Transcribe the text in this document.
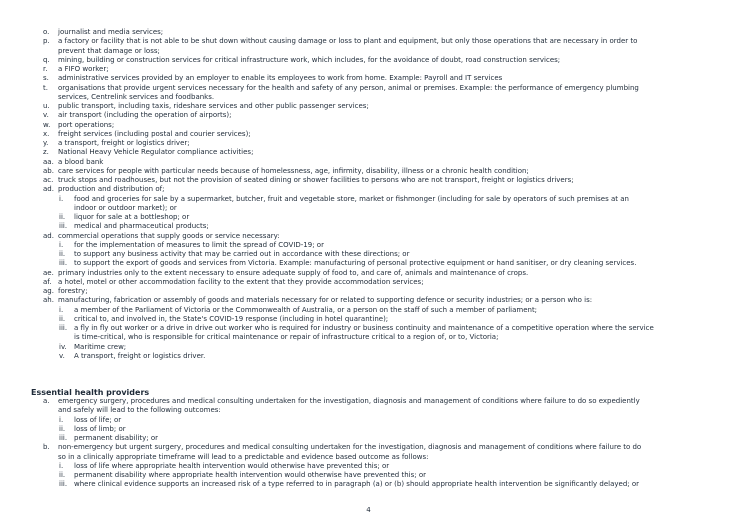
o. journalist and media services;
p. a factory or facility that is not able to be shut down without causing damage or loss to plant and equipment, but only those operations that are necessary in order to
prevent that damage or loss;
q. mining, building or construction services for critical infrastructure work, which includes, for the avoidance of doubt, road construction services;
r. a FIFO worker;
s. administrative services provided by an employer to enable its employees to work from home. Example: Payroll and IT services
t. organisations that provide urgent services necessary for the health and safety of any person, animal or premises. Example: the performance of emergency plumbing
services, Centrelink services and foodbanks.
u. public transport, including taxis, rideshare services and other public passenger services;
v. air transport (including the operation of airports);
w. port operations;
x. freight services (including postal and courier services);
y. a transport, freight or logistics driver;
z. National Heavy Vehicle Regulator compliance activities;
aa. a blood bank
ab. care services for people with particular needs because of homelessness, age, infirmity, disability, illness or a chronic health condition;
ac. truck stops and roadhouses, but not the provision of seated dining or shower facilities to persons who are not transport, freight or logistics drivers;
ad. production and distribution of;
i. food and groceries for sale by a supermarket, butcher, fruit and vegetable store, market or fishmonger (including for sale by operators of such premises at an
indoor or outdoor market); or
ii. liquor for sale at a bottleshop; or
iii. medical and pharmaceutical products;
ad. commercial operations that supply goods or service necessary:
i. for the implementation of measures to limit the spread of COVID-19; or
ii. to support any business activity that may be carried out in accordance with these directions; or
iii. to support the export of goods and services from Victoria. Example: manufacturing of personal protective equipment or hand sanitiser, or dry cleaning services.
ae. primary industries only to the extent necessary to ensure adequate supply of food to, and care of, animals and maintenance of crops.
af. a hotel, motel or other accommodation facility to the extent that they provide accommodation services;
ag. forestry;
ah. manufacturing, fabrication or assembly of goods and materials necessary for or related to supporting defence or security industries; or a person who is:
i. a member of the Parliament of Victoria or the Commonwealth of Australia, or a person on the staff of such a member of parliament;
ii. critical to, and involved in, the State's COVID-19 response (including in hotel quarantine);
iii. a fly in fly out worker or a drive in drive out worker who is required for industry or business continuity and maintenance of a competitive operation where the service
is time-critical, who is responsible for critical maintenance or repair of infrastructure critical to a region of, or to, Victoria;
iv. Maritime crew;
v. A transport, freight or logistics driver.
Essential health providers
a. emergency surgery, procedures and medical consulting undertaken for the investigation, diagnosis and management of conditions where failure to do so expediently
and safely will lead to the following outcomes:
i. loss of life; or
ii. loss of limb; or
iii. permanent disability; or
b. non-emergency but urgent surgery, procedures and medical consulting undertaken for the investigation, diagnosis and management of conditions where failure to do
so in a clinically appropriate timeframe will lead to a predictable and evidence based outcome as follows:
i. loss of life where appropriate health intervention would otherwise have prevented this; or
ii. permanent disability where appropriate health intervention would otherwise have prevented this; or
iii. where clinical evidence supports an increased risk of a type referred to in paragraph (a) or (b) should appropriate health intervention be significantly delayed; or
4
